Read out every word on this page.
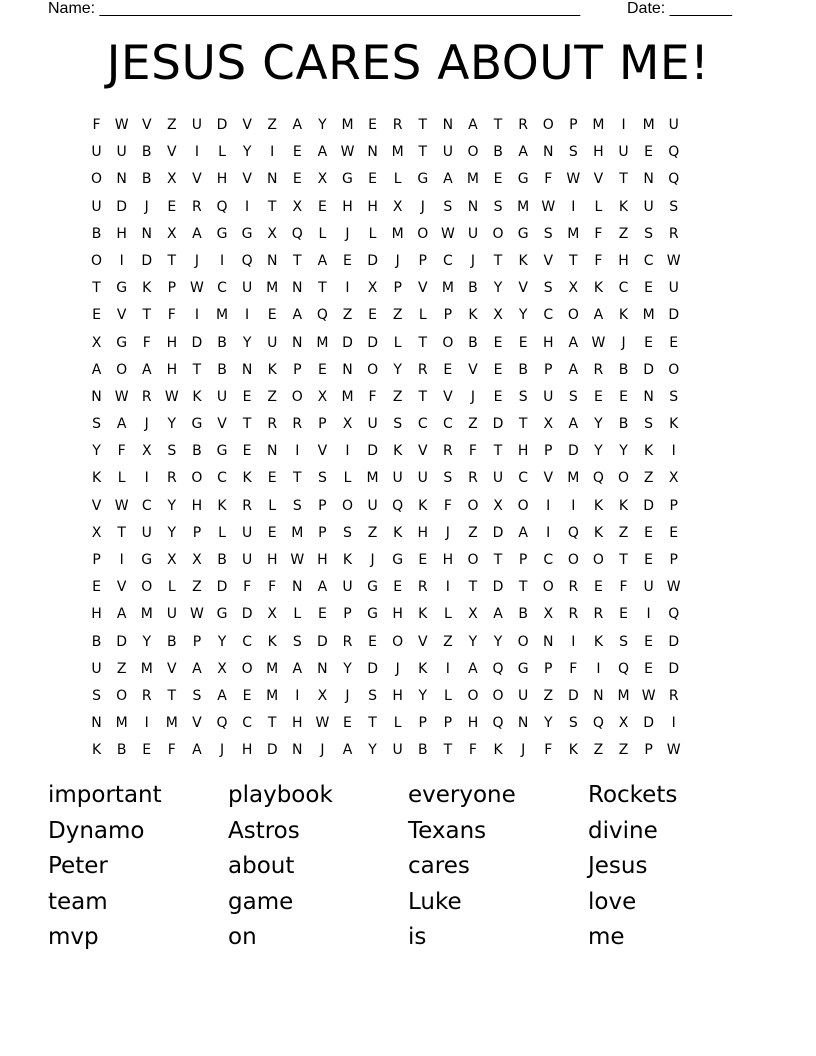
Name: ______________________________________________________	Date: _______
JESUS CARES ABOUT ME!
F	W V	Z	U	D	V	Z	A	Y	M	E	R	T	N	A	T	R	O	P	M	I	M U
U	U	B	V	I	L	Y	I	E	A W N M	T	U	O	B	A	N	S	H	U	E	Q
O	N	B	X	V	H	V	N	E	X	G	E	L	G	A	M	E	G	F	W V	T	N	Q
U	D	J	E	R	Q	I	T	X	E	H	H	X	J	S	N	S	M W	I	L	K	U	S
B	H	N	X	A	G	G	X	Q	L	J	L	M O W U	O	G	S	M	F	Z	S	R
O	I	D	T	J	I	Q	N	T	A	E	D	J	P	C	J	T	K	V	T	F	H	C W
T	G	K	P W C	U M N	T	I	X	P	V	M	B	Y	V	S	X	K	C	E	U
E	V	T	F	I	M	I	E	A	Q	Z	E	Z	L	P	K	X	Y	C	O	A	K	M D
X	G	F	H	D	B	Y	U	N M D	D	L	T	O	B	E	E	H	A W	J	E	E
A	O	A	H	T	B	N	K	P	E	N	O	Y	R	E	V	E	B	P	A	R	B	D	O
N W R W K	U	E	Z	O	X	M	F	Z	T	V	J	E	S	U	S	E	E	N	S
S	A	J	Y	G	V	T	R	R	P	X	U	S	C	C	Z	D	T	X	A	Y	B	S	K
Y	F	X	S	B	G	E	N	I	V	I	D	K	V	R	F	T	H	P	D	Y	Y	K	I
K	L	I	R	O	C	K	E	T	S	L	M U	U	S	R	U	C	V	M Q	O	Z	X
V W C	Y	H	K	R	L	S	P	O	U	Q	K	F	O	X	O	I	I	K	K	D	P
X	T	U	Y	P	L	U	E	M	P	S	Z	K	H	J	Z	D	A	I	Q	K	Z	E	E
P	I	G	X	X	B	U	H W H	K	J	G	E	H	O	T	P	C	O	O	T	E	P
E	V	O	L	Z	D	F	F	N	A	U	G	E	R	I	T	D	T	O	R	E	F	U W
H	A	M U W G	D	X	L	E	P	G	H	K	L	X	A	B	X	R	R	E	I	Q
B	D	Y	B	P	Y	C	K	S	D	R	E	O	V	Z	Y	Y	O	N	I	K	S	E	D
U	Z	M	V	A	X	O M	A	N	Y	D	J	K	I	A	Q	G	P	F	I	Q	E	D
S	O	R	T	S	A	E	M	I	X	J	S	H	Y	L	O	O	U	Z	D	N M W R
N M	I	M	V	Q	C	T	H W E	T	L	P	P	H	Q	N	Y	S	Q	X	D	I
K	B	E	F	A	J	H	D	N	J	A	Y	U	B	T	F	K	J	F	K	Z	Z	P W
important	playbook	everyone	Rockets
Dynamo	Astros	Texans	divine
Peter	about	cares	Jesus
team	game	Luke	love
mvp	on	is	me
